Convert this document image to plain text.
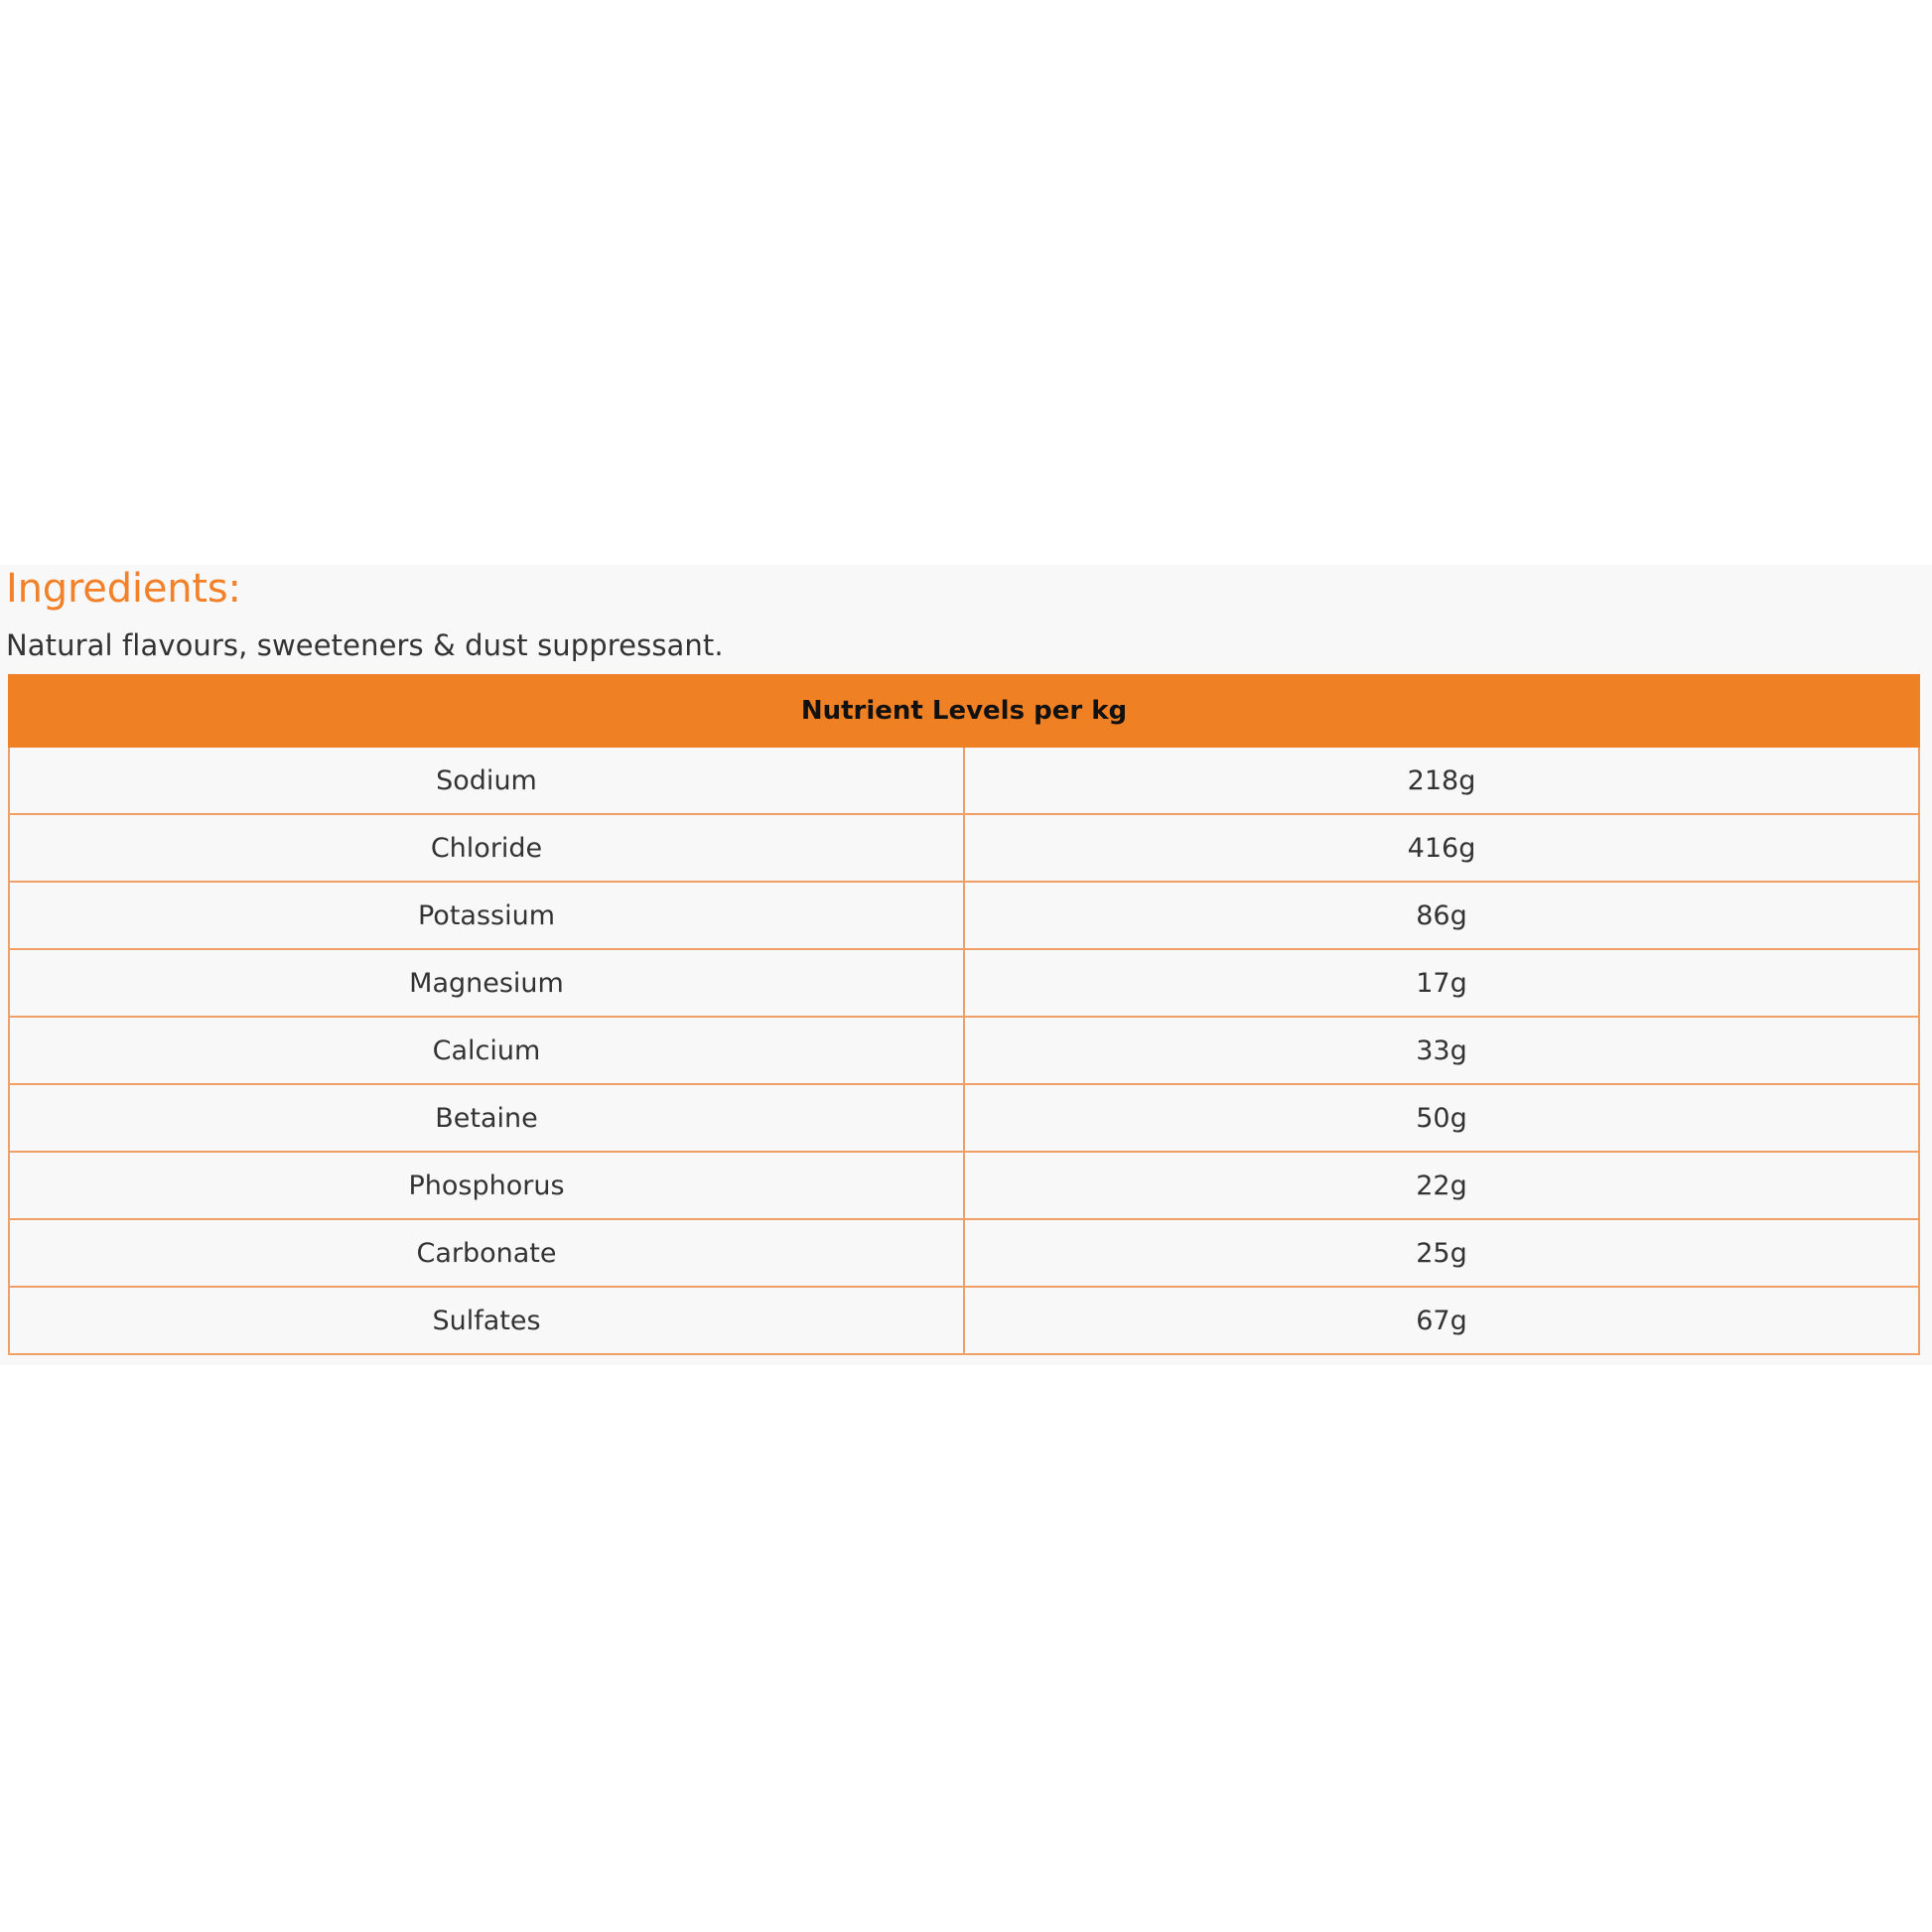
Ingredients:
Natural flavours, sweeteners & dust suppressant.
Nutrient Levels per kg	
Sodium	218g
Chloride	416g
Potassium	86g
Magnesium	17g
Calcium	33g
Betaine	50g
Phosphorus	22g
Carbonate	25g
Sulfates	67g
